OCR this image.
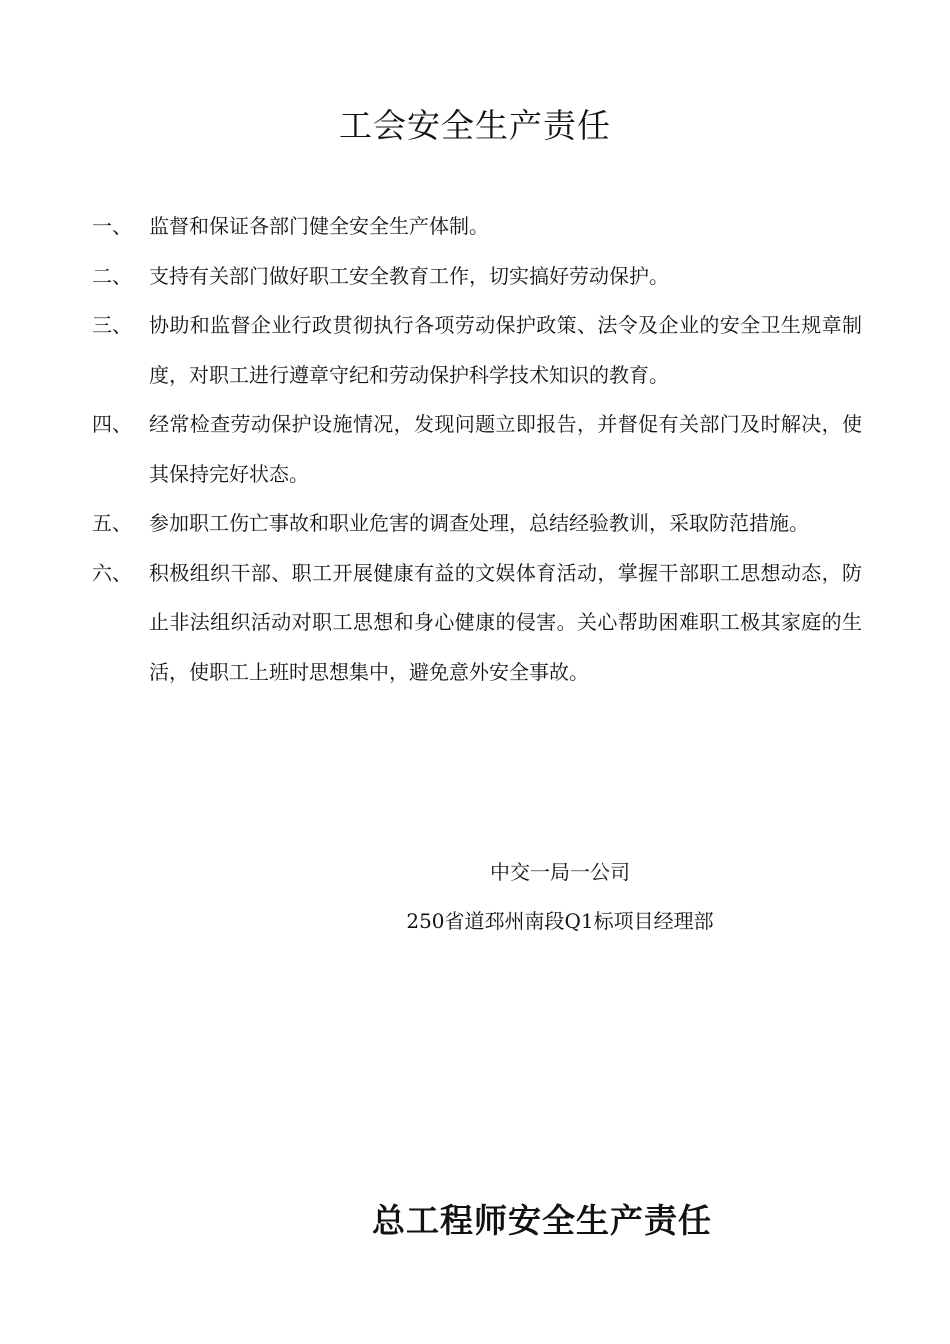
工会安全生产责任
一、 监督和保证各部门健全安全生产体制。
二、 支持有关部门做好职工安全教育工作，切实搞好劳动保护。
三、 协助和监督企业行政贯彻执行各项劳动保护政策、法令及企业的安全卫生规章制度，对职工进行遵章守纪和劳动保护科学技术知识的教育。
四、 经常检查劳动保护设施情况，发现问题立即报告，并督促有关部门及时解决，使其保持完好状态。
五、 参加职工伤亡事故和职业危害的调查处理，总结经验教训，采取防范措施。
六、 积极组织干部、职工开展健康有益的文娱体育活动，掌握干部职工思想动态，防止非法组织活动对职工思想和身心健康的侵害。关心帮助困难职工极其家庭的生活，使职工上班时思想集中，避免意外安全事故。
中交一局一公司
250省道邳州南段Q1标项目经理部
总工程师安全生产责任
